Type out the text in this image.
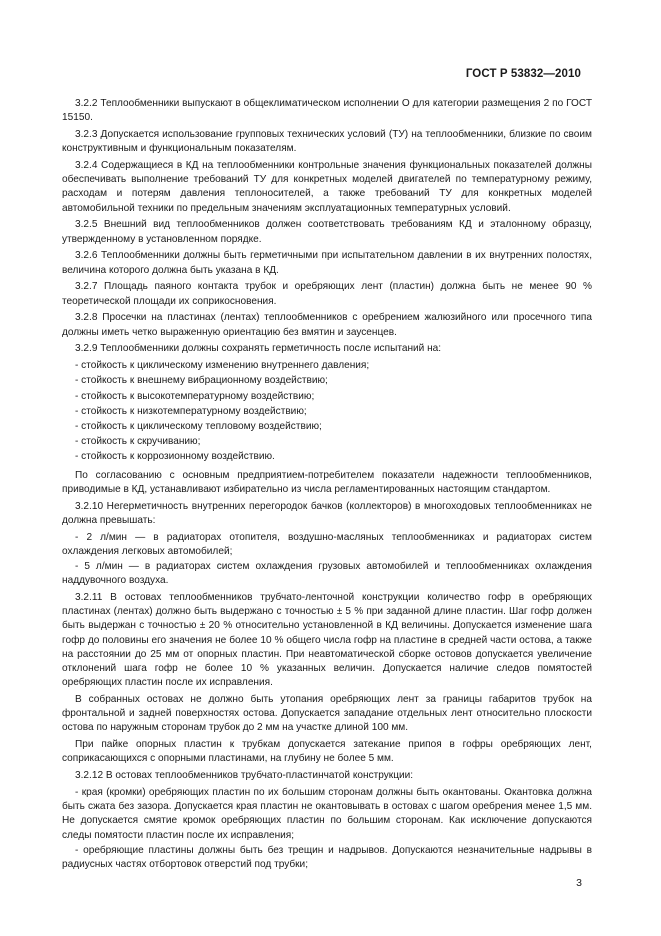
ГОСТ Р 53832—2010

3.2.2 Теплообменники выпускают в общеклиматическом исполнении О для категории размещения 2 по ГОСТ 15150.

3.2.3 Допускается использование групповых технических условий (ТУ) на теплообменники, близкие по своим конструктивным и функциональным показателям.

3.2.4 Содержащиеся в КД на теплообменники контрольные значения функциональных показателей должны обеспечивать выполнение требований ТУ для конкретных моделей двигателей по температурному режиму, расходам и потерям давления теплоносителей, а также требований ТУ для конкретных моделей автомобильной техники по предельным значениям эксплуатационных температурных условий.

3.2.5 Внешний вид теплообменников должен соответствовать требованиям КД и эталонному образцу, утвержденному в установленном порядке.

3.2.6 Теплообменники должны быть герметичными при испытательном давлении в их внутренних полостях, величина которого должна быть указана в КД.

3.2.7 Площадь паяного контакта трубок и оребряющих лент (пластин) должна быть не менее 90 % теоретической площади их соприкосновения.

3.2.8 Просечки на пластинах (лентах) теплообменников с оребрением жалюзийного или просечного типа должны иметь четко выраженную ориентацию без вмятин и заусенцев.

3.2.9 Теплообменники должны сохранять герметичность после испытаний на:

- стойкость к циклическому изменению внутреннего давления;

- стойкость к внешнему вибрационному воздействию;

- стойкость к высокотемпературному воздействию;

- стойкость к низкотемпературному воздействию;

- стойкость к циклическому тепловому воздействию;

- стойкость к скручиванию;

- стойкость к коррозионному воздействию.

По согласованию с основным предприятием-потребителем показатели надежности теплообменников, приводимые в КД, устанавливают избирательно из числа регламентированных настоящим стандартом.

3.2.10 Негерметичность внутренних перегородок бачков (коллекторов) в многоходовых теплообменниках не должна превышать:

- 2 л/мин — в радиаторах отопителя, воздушно-масляных теплообменниках и радиаторах систем охлаждения легковых автомобилей;

- 5 л/мин — в радиаторах систем охлаждения грузовых автомобилей и теплообменниках охлаждения наддувочного воздуха.

3.2.11 В остовах теплообменников трубчато-ленточной конструкции количество гофр в оребряющих пластинах (лентах) должно быть выдержано с точностью ± 5 % при заданной длине пластин. Шаг гофр должен быть выдержан с точностью ± 20 % относительно установленной в КД величины. Допускается изменение шага гофр до половины его значения не более 10 % общего числа гофр на пластине в средней части остова, а также на расстоянии до 25 мм от опорных пластин. При неавтоматической сборке остовов допускается увеличение отклонений шага гофр не более 10 % указанных величин. Допускается наличие следов помятостей оребряющих пластин после их исправления.

В собранных остовах не должно быть утопания оребряющих лент за границы габаритов трубок на фронтальной и задней поверхностях остова. Допускается западание отдельных лент относительно плоскости остова по наружным сторонам трубок до 2 мм на участке длиной 100 мм.

При пайке опорных пластин к трубкам допускается затекание припоя в гофры оребряющих лент, соприкасающихся с опорными пластинами, на глубину не более 5 мм.

3.2.12 В остовах теплообменников трубчато-пластинчатой конструкции:

- края (кромки) оребряющих пластин по их большим сторонам должны быть окантованы. Окантовка должна быть сжата без зазора. Допускается края пластин не окантовывать в остовах с шагом оребрения менее 1,5 мм. Не допускается смятие кромок оребряющих пластин по большим сторонам. Как исключение допускаются следы помятости пластин после их исправления;

- оребряющие пластины должны быть без трещин и надрывов. Допускаются незначительные надрывы в радиусных частях отбортовок отверстий под трубки;

3
